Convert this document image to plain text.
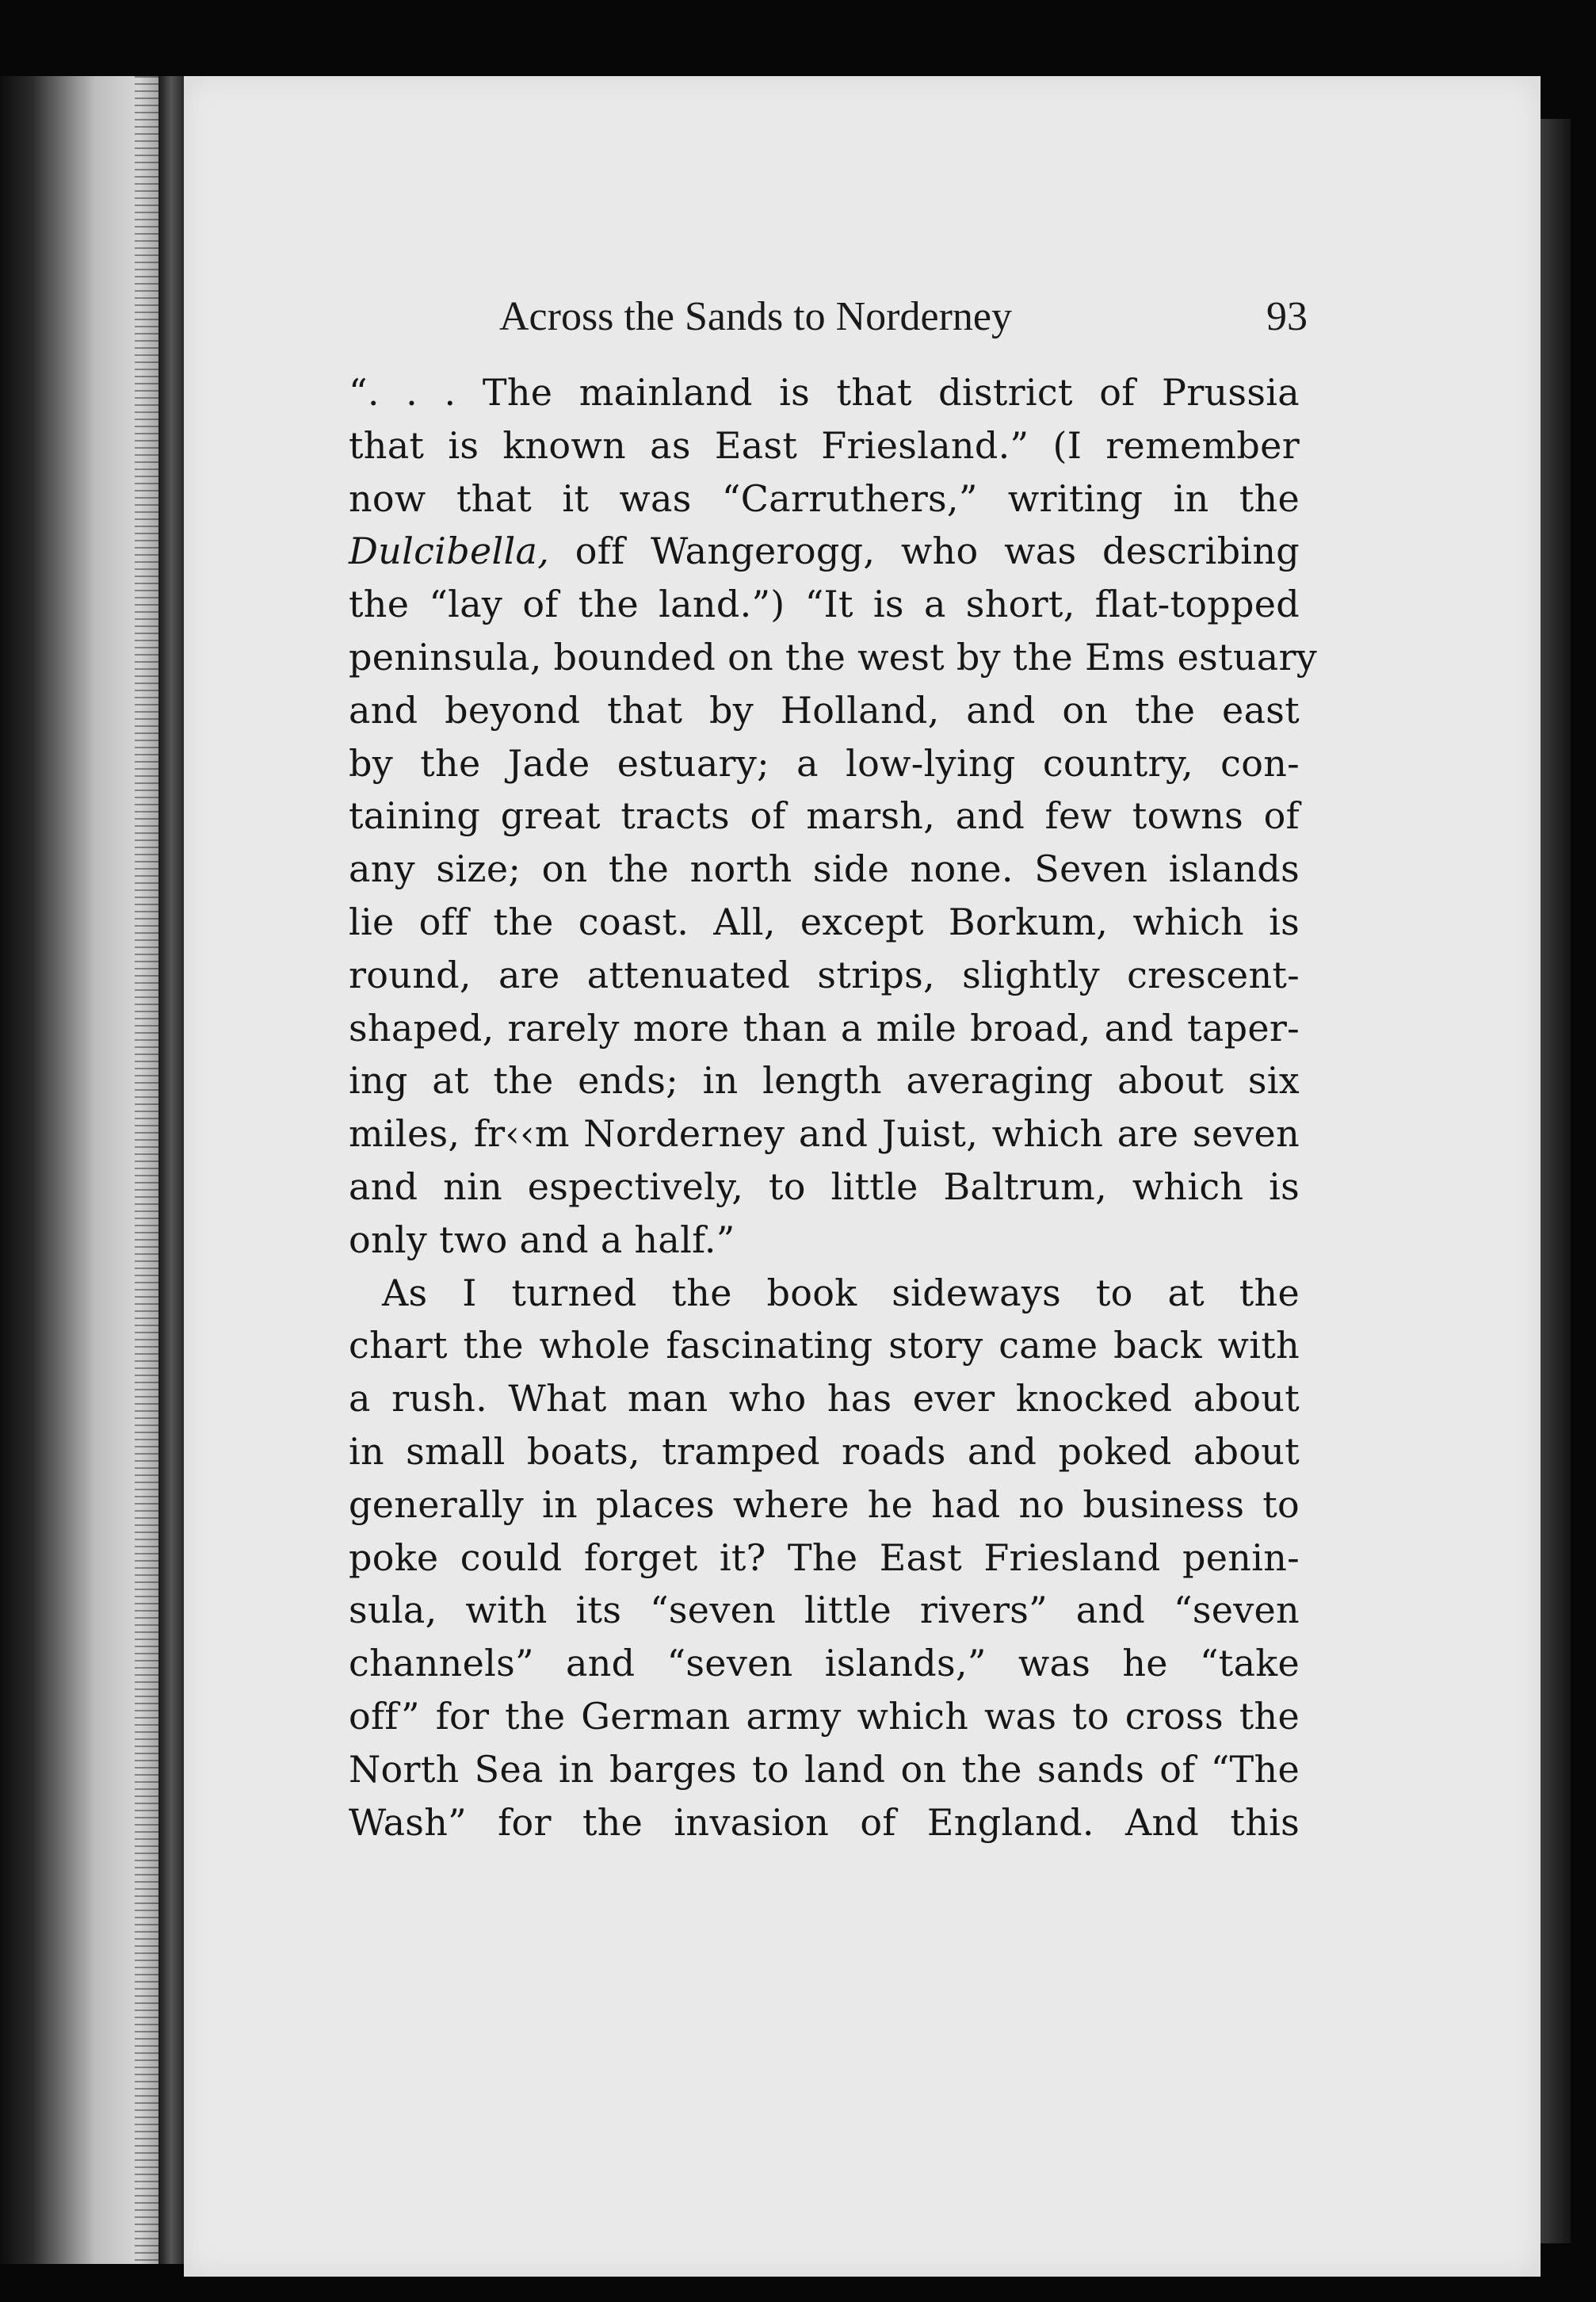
Across the Sands to Norderney	93
“. . . The mainland is that district of Prussia
that is known as East Friesland.” (I remember
now that it was “Carruthers,” writing in the
Dulcibella, off Wangerogg, who was describing
the “lay of the land.”) “It is a short, flat-topped
peninsula, bounded on the west by the Ems estuary
and beyond that by Holland, and on the east
by the Jade estuary; a low-lying country, con-
taining great tracts of marsh, and few towns of
any size; on the north side none. Seven islands
lie off the coast. All, except Borkum, which is
round, are attenuated strips, slightly crescent-
shaped, rarely more than a mile broad, and taper-
ing at the ends; in length averaging about six
miles, fr‹‹m Norderney and Juist, which are seven
and nin espectively, to little Baltrum, which is
only two and a half.”
As I turned the book sideways to at the
chart the whole fascinating story came back with
a rush. What man who has ever knocked about
in small boats, tramped roads and poked about
generally in places where he had no business to
poke could forget it? The East Friesland penin-
sula, with its “seven little rivers” and “seven
channels” and “seven islands,” was he “take
off” for the German army which was to cross the
North Sea in barges to land on the sands of “The
Wash” for the invasion of England. And this
